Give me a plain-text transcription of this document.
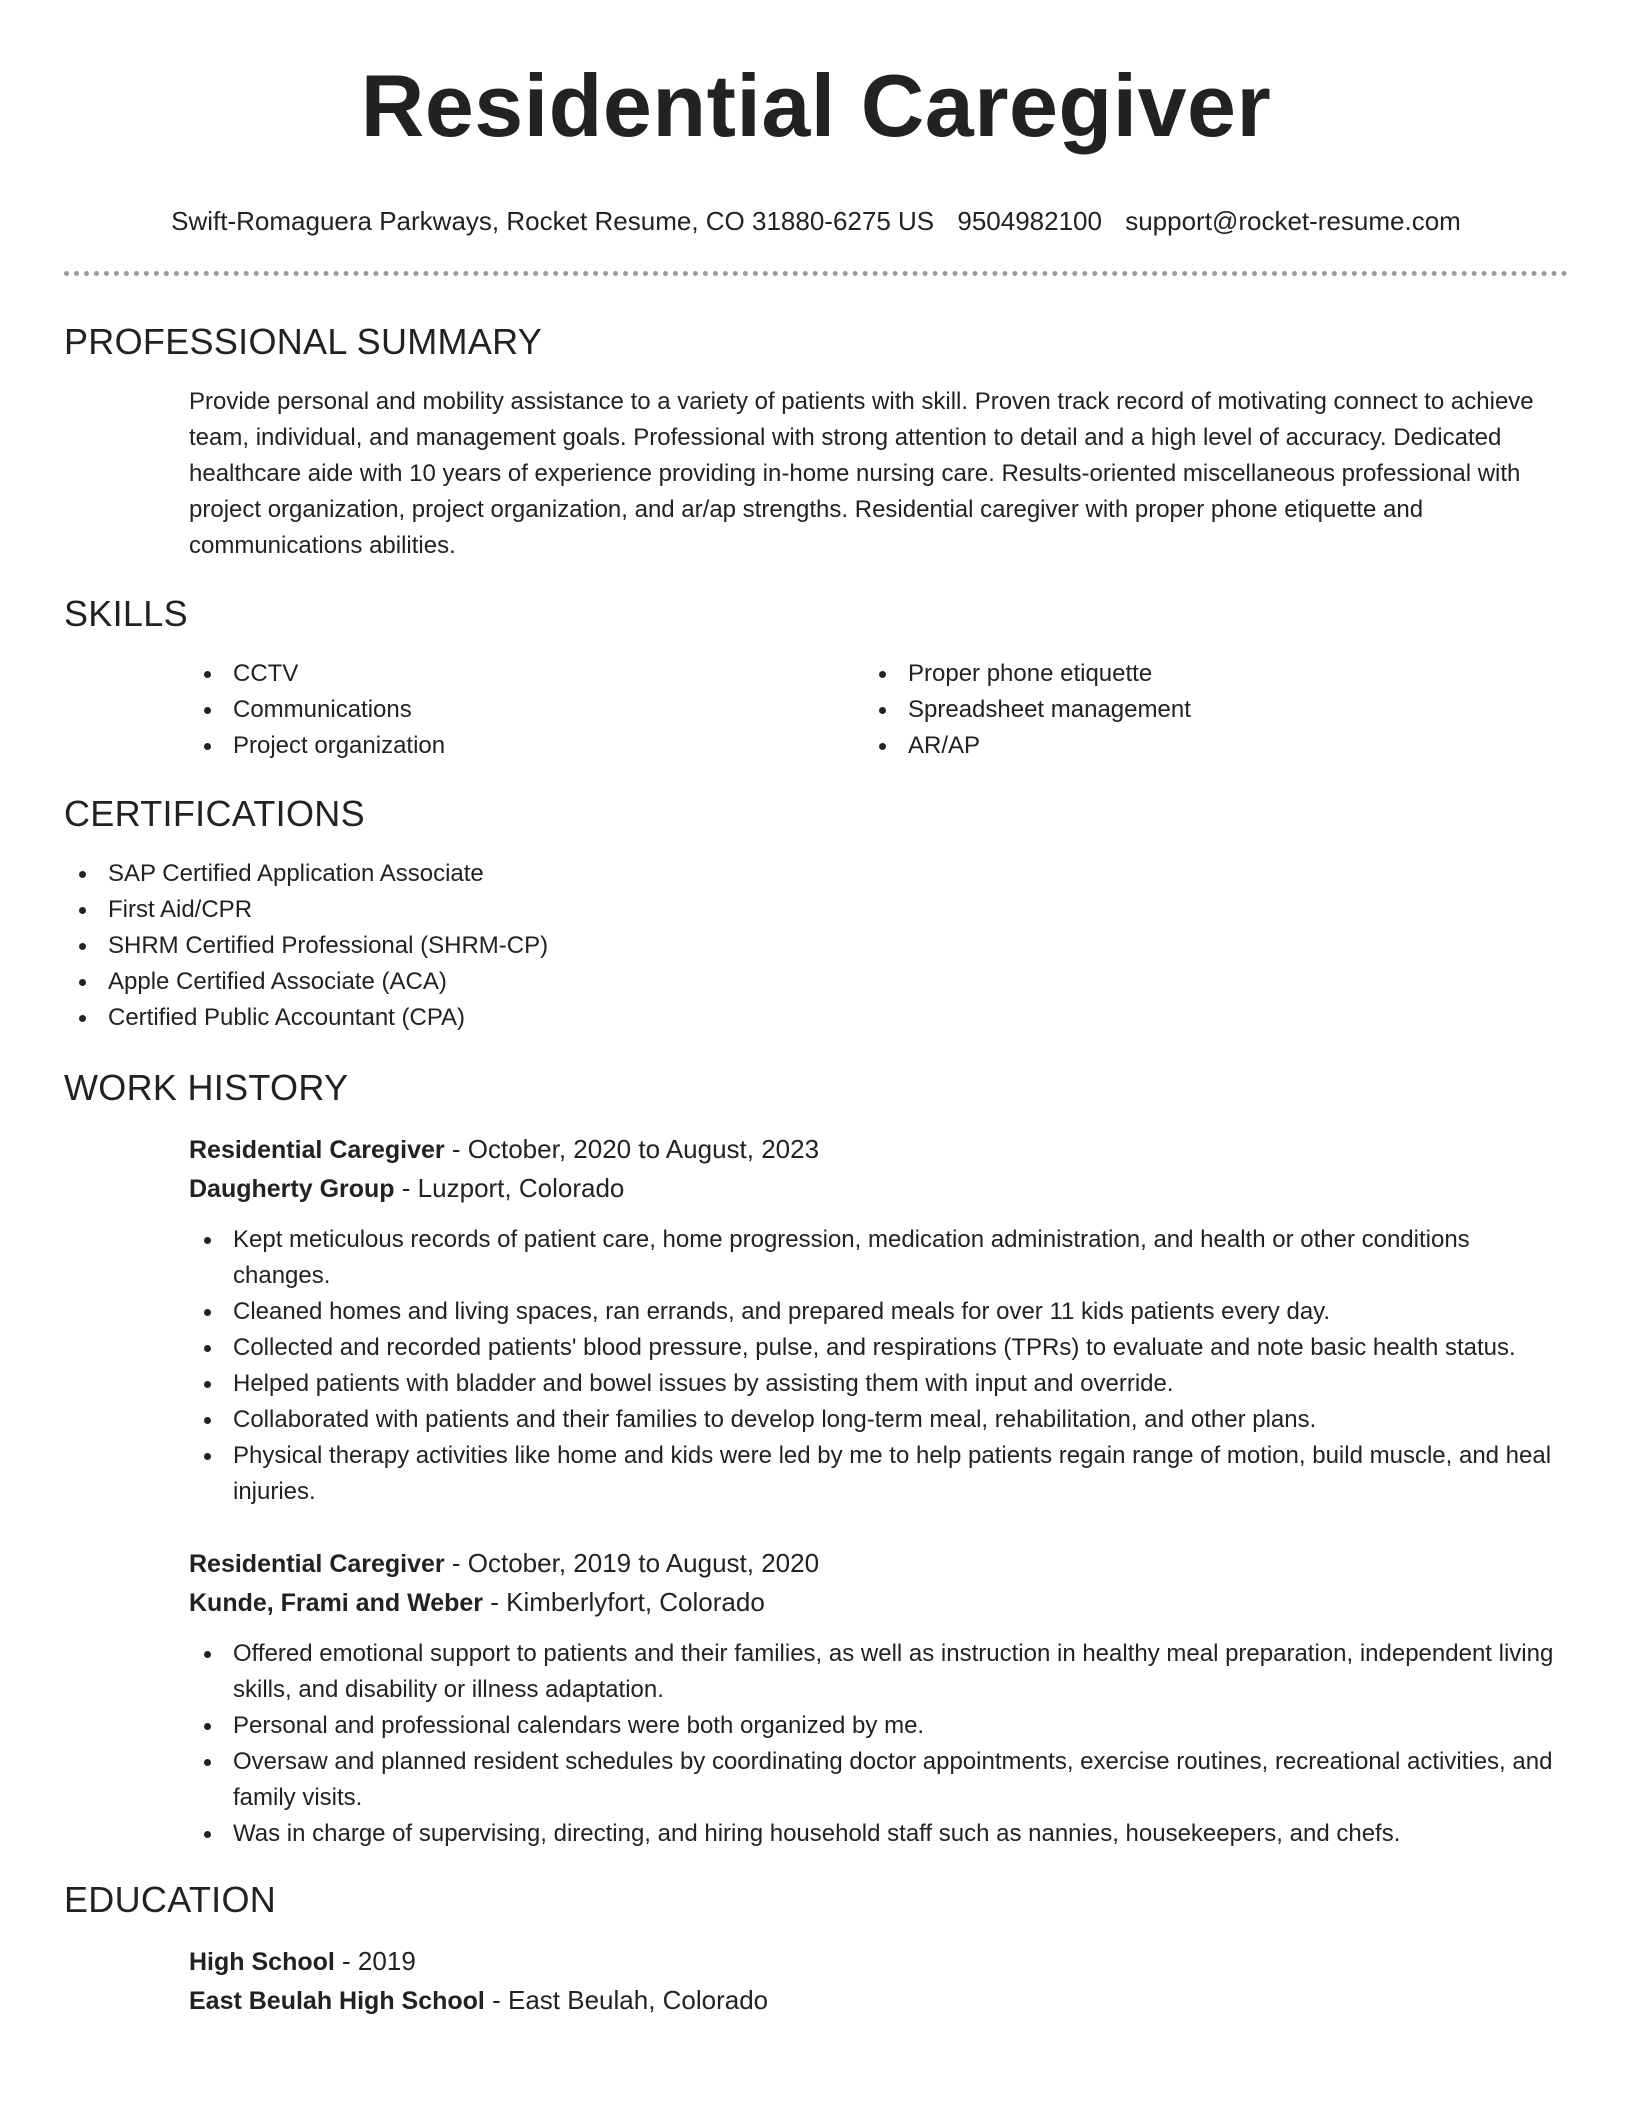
Residential Caregiver
Swift-Romaguera Parkways, Rocket Resume, CO 31880-6275 US 9504982100 support@rocket-resume.com
PROFESSIONAL SUMMARY
Provide personal and mobility assistance to a variety of patients with skill. Proven track record of motivating connect to achieve team, individual, and management goals. Professional with strong attention to detail and a high level of accuracy. Dedicated healthcare aide with 10 years of experience providing in-home nursing care. Results-oriented miscellaneous professional with project organization, project organization, and ar/ap strengths. Residential caregiver with proper phone etiquette and communications abilities.
SKILLS
CCTV
Communications
Project organization
Proper phone etiquette
Spreadsheet management
AR/AP
CERTIFICATIONS
SAP Certified Application Associate
First Aid/CPR
SHRM Certified Professional (SHRM-CP)
Apple Certified Associate (ACA)
Certified Public Accountant (CPA)
WORK HISTORY
Residential Caregiver - October, 2020 to August, 2023
Daugherty Group - Luzport, Colorado
Kept meticulous records of patient care, home progression, medication administration, and health or other conditions changes.
Cleaned homes and living spaces, ran errands, and prepared meals for over 11 kids patients every day.
Collected and recorded patients' blood pressure, pulse, and respirations (TPRs) to evaluate and note basic health status.
Helped patients with bladder and bowel issues by assisting them with input and override.
Collaborated with patients and their families to develop long-term meal, rehabilitation, and other plans.
Physical therapy activities like home and kids were led by me to help patients regain range of motion, build muscle, and heal injuries.
Residential Caregiver - October, 2019 to August, 2020
Kunde, Frami and Weber - Kimberlyfort, Colorado
Offered emotional support to patients and their families, as well as instruction in healthy meal preparation, independent living skills, and disability or illness adaptation.
Personal and professional calendars were both organized by me.
Oversaw and planned resident schedules by coordinating doctor appointments, exercise routines, recreational activities, and family visits.
Was in charge of supervising, directing, and hiring household staff such as nannies, housekeepers, and chefs.
EDUCATION
High School - 2019
East Beulah High School - East Beulah, Colorado
